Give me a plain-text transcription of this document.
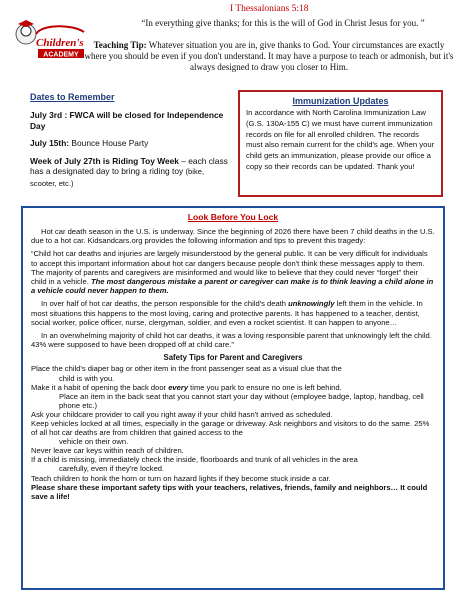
Children's
ACADEMY
I Thessalonians 5:18
“In everything give thanks; for this is the will of God in Christ Jesus for you. ”
Teaching Tip: Whatever situation you are in, give thanks to God. Your circumstances are exactly where you should be even if you don't understand. It may have a purpose to teach or admonish, but it's always designed to draw you closer to Him.
Dates to Remember

July 3rd : FWCA will be closed for Independence Day

July 15th: Bounce House Party

Week of July 27th is Riding Toy Week – each class has a designated day to bring a riding toy (bike, scooter, etc.)

Immunization Updates

In accordance with North Carolina Immunization Law (G.S. 130A-155 C) we must have current immunization records on file for all enrolled children. The records must also remain current for the child's age. When your child gets an immunization, please provide our office a copy so their records can be updated. Thank you!

Look Before You Lock

Hot car death season in the U.S. is underway. Since the beginning of 2026 there have been 7 child deaths in the U.S. due to a hot car. Kidsandcars.org provides the following information and tips to prevent this tragedy:

“Child hot car deaths and injuries are largely misunderstood by the general public. It can be very difficult for individuals to accept this important information about hot car dangers because people don't think these messages apply to them. The majority of parents and caregivers are misinformed and would like to believe that they could never “forget” their child in a vehicle. The most dangerous mistake a parent or caregiver can make is to think leaving a child alone in a vehicle could never happen to them.

In over half of hot car deaths, the person responsible for the child's death unknowingly left them in the vehicle. In most situations this happens to the most loving, caring and protective parents. It has happened to a teacher, dentist, social worker, police officer, nurse, clergyman, soldier, and even a rocket scientist. It can happen to anyone…

In an overwhelming majority of child hot car deaths, it was a loving responsible parent that unknowingly left the child. 43% were supposed to have been dropped off at child care.”

Safety Tips for Parent and Caregivers
Place the child's diaper bag or other item in the front passenger seat as a visual clue that the
child is with you.
Make it a habit of opening the back door every time you park to ensure no one is left behind.
Place an item in the back seat that you cannot start your day without (employee badge, laptop, handbag, cell phone etc.)
Ask your childcare provider to call you right away if your child hasn't arrived as scheduled.
Keep vehicles locked at all times, especially in the garage or driveway. Ask neighbors and visitors to do the same. 25% of all hot car deaths are from children that gained access to the
vehicle on their own.
Never leave car keys within reach of children.
If a child is missing, immediately check the inside, floorboards and trunk of all vehicles in the area
carefully, even if they're locked.
Teach children to honk the horn or turn on hazard lights if they become stuck inside a car.

Please share these important safety tips with your teachers, relatives, friends, family and neighbors… It could save a life!
